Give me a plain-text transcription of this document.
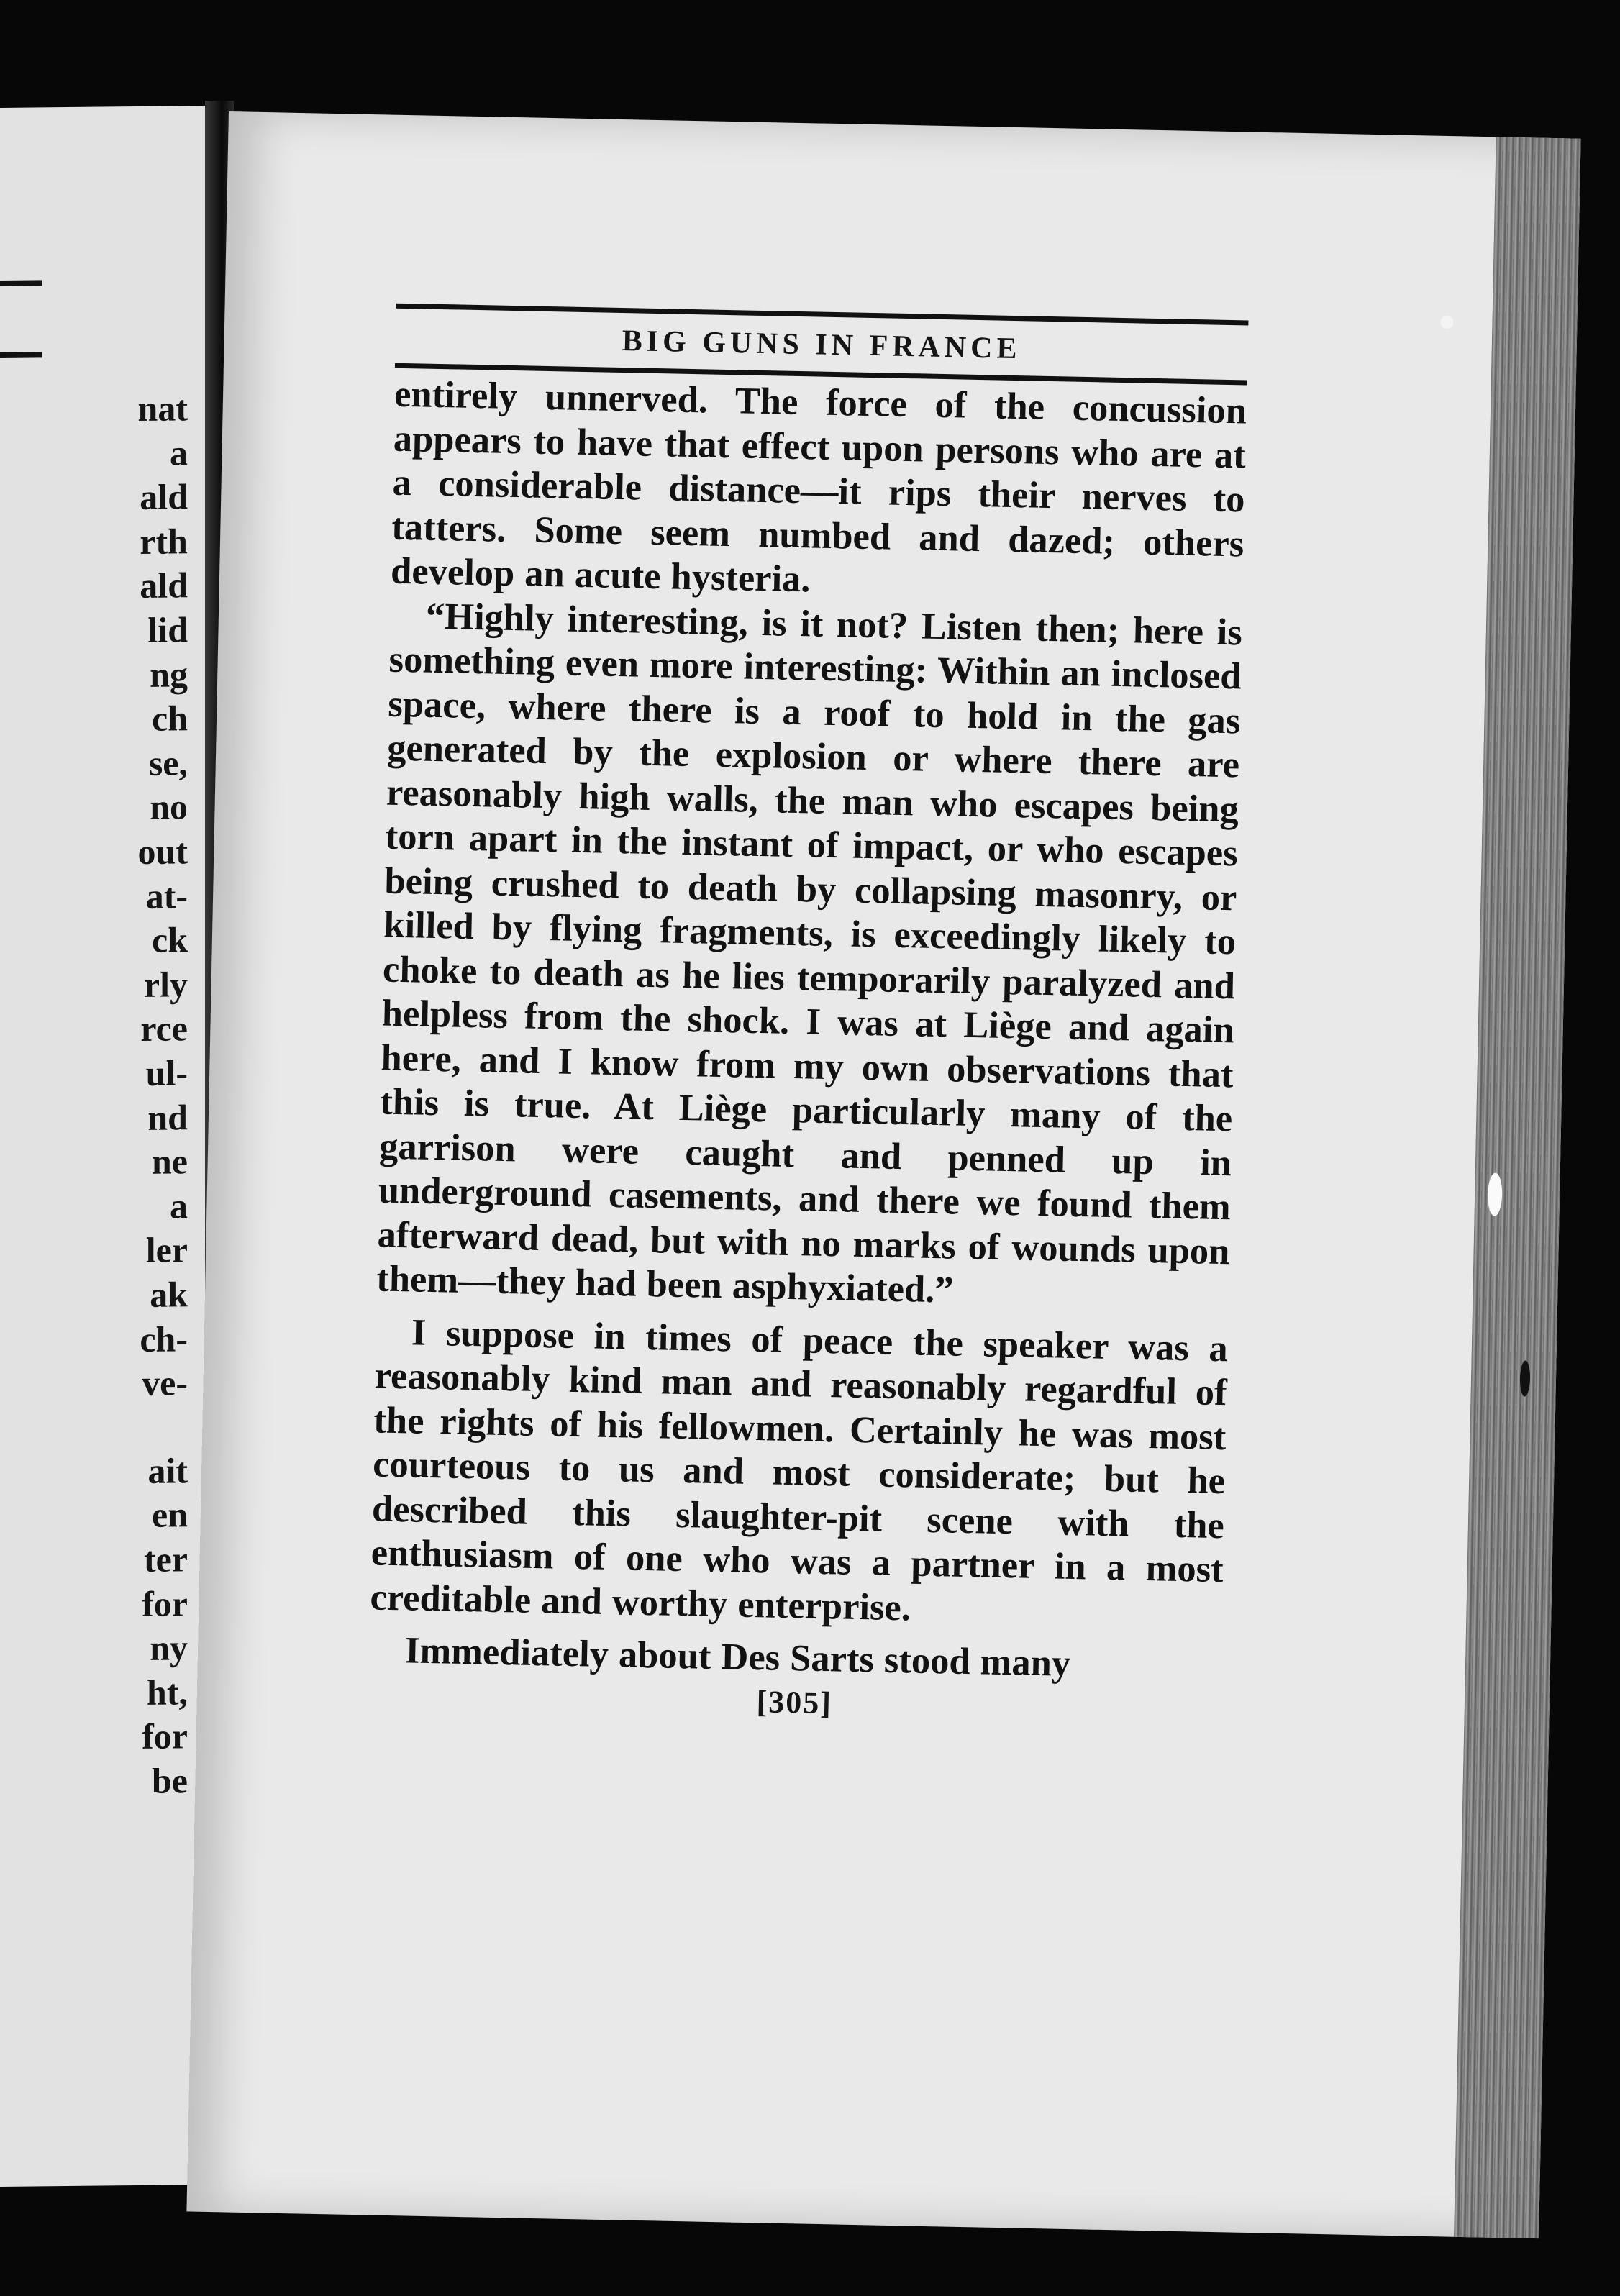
nat
a
ald
rth
ald
lid
ng
ch
se,
no
out
at-
ck
rly
rce
ul-
nd
ne
a
ler
ak
ch-
ve-
ait
en
ter
for
ny
ht,
for
be
BIG GUNS IN FRANCE

entirely unnerved. The force of the concussion appears to have that effect upon persons who are at a considerable distance—it rips their nerves to tatters. Some seem numbed and dazed; others develop an acute hysteria.

“Highly interesting, is it not? Listen then; here is something even more interesting: Within an inclosed space, where there is a roof to hold in the gas generated by the explosion or where there are reasonably high walls, the man who escapes being torn apart in the instant of impact, or who escapes being crushed to death by collapsing masonry, or killed by flying fragments, is exceedingly likely to choke to death as he lies temporarily paralyzed and helpless from the shock. I was at Liège and again here, and I know from my own observations that this is true. At Liège particularly many of the garrison were caught and penned up in underground casements, and there we found them afterward dead, but with no marks of wounds upon them—they had been asphyxiated.”

I suppose in times of peace the speaker was a reasonably kind man and reasonably regardful of the rights of his fellowmen. Certainly he was most courteous to us and most considerate; but he described this slaughter-pit scene with the enthusiasm of one who was a partner in a most creditable and worthy enterprise.

Immediately about Des Sarts stood many

[305]
